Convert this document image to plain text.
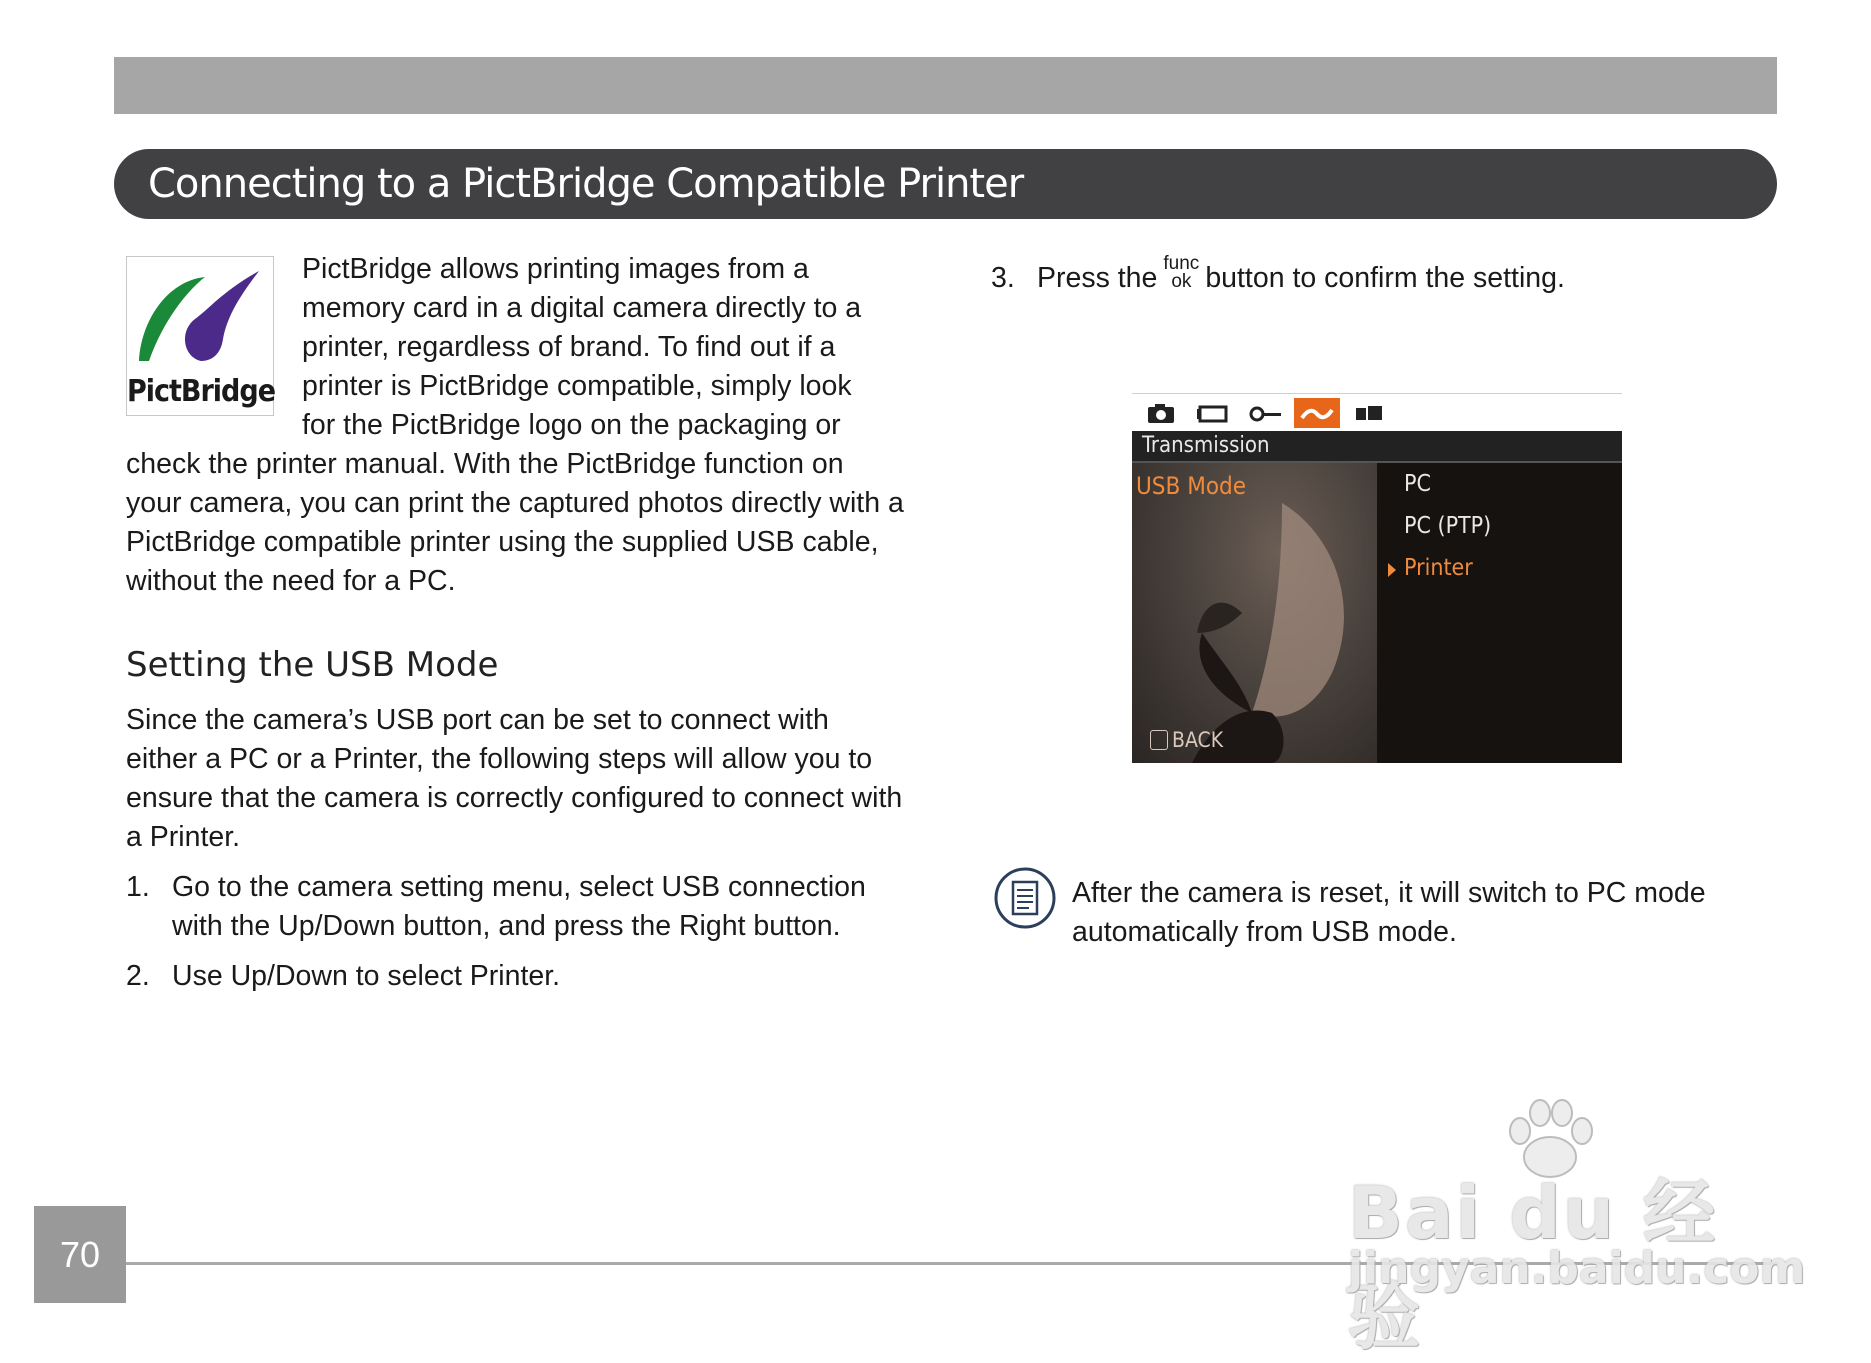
Connecting to a PictBridge Compatible Printer
PictBridge
PictBridge allows printing images from a memory card in a digital camera directly to a printer, regardless of brand. To find out if a printer is PictBridge compatible, simply look for the PictBridge logo on the packaging or
check the printer manual. With the PictBridge function on your camera, you can print the captured photos directly with a PictBridge compatible printer using the supplied USB cable, without the need for a PC.
Setting the USB Mode
Since the camera’s USB port can be set to connect with either a PC or a Printer, the following steps will allow you to ensure that the camera is correctly configured to connect with a Printer.
1. Go to the camera setting menu, select USB connection with the Up/Down button, and press the Right button.
2. Use Up/Down to select Printer.
3. Press the func
ok button to confirm the setting.
Transmission
USB Mode	PC
PC (PTP)
Printer
BACK
After the camera is reset, it will switch to PC mode automatically from USB mode.
70	Bai du 经验
jingyan.baidu.com
